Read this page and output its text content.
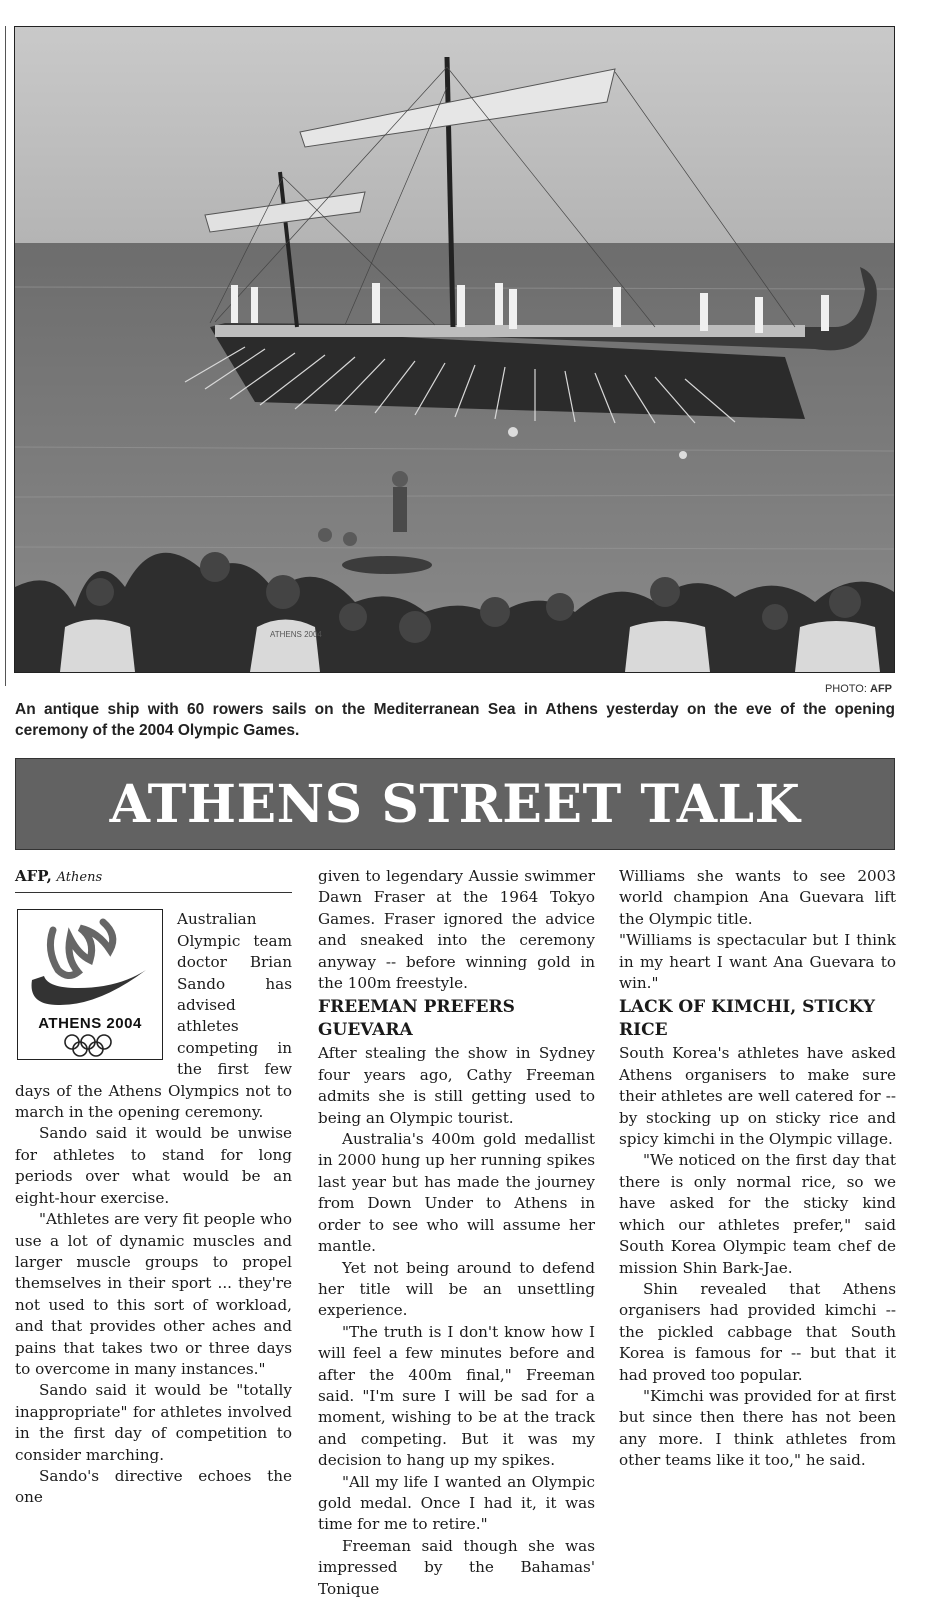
ATHENS 2004
PHOTO: AFP
An antique ship with 60 rowers sails on the Mediterranean Sea in Athens yesterday on the eve of the opening ceremony of the 2004 Olympic Games.
ATHENS STREET TALK
AFP, Athens
ATHENS 2004

Australian Olympic team doctor Brian Sando has advised athletes competing in the first few days of the Athens Olympics not to march in the opening ceremony.

Sando said it would be unwise for athletes to stand for long periods over what would be an eight-hour exercise.

"Athletes are very fit people who use a lot of dynamic muscles and larger muscle groups to propel themselves in their sport ... they're not used to this sort of workload, and that provides other aches and pains that takes two or three days to overcome in many instances."

Sando said it would be "totally inappropriate" for athletes involved in the first day of competition to consider marching.

Sando's directive echoes the one

given to legendary Aussie swimmer Dawn Fraser at the 1964 Tokyo Games. Fraser ignored the advice and sneaked into the ceremony anyway -- before winning gold in the 100m freestyle.

FREEMAN PREFERS GUEVARA

After stealing the show in Sydney four years ago, Cathy Freeman admits she is still getting used to being an Olympic tourist.

Australia's 400m gold medallist in 2000 hung up her running spikes last year but has made the journey from Down Under to Athens in order to see who will assume her mantle.

Yet not being around to defend her title will be an unsettling experience.

"The truth is I don't know how I will feel a few minutes before and after the 400m final," Freeman said. "I'm sure I will be sad for a moment, wishing to be at the track and competing. But it was my decision to hang up my spikes.

"All my life I wanted an Olympic gold medal. Once I had it, it was time for me to retire."

Freeman said though she was impressed by the Bahamas' Tonique

Williams she wants to see 2003 world champion Ana Guevara lift the Olympic title.

"Williams is spectacular but I think in my heart I want Ana Guevara to win."

LACK OF KIMCHI, STICKY RICE

South Korea's athletes have asked Athens organisers to make sure their athletes are well catered for -- by stocking up on sticky rice and spicy kimchi in the Olympic village.

"We noticed on the first day that there is only normal rice, so we have asked for the sticky kind which our athletes prefer," said South Korea Olympic team chef de mission Shin Bark-Jae.

Shin revealed that Athens organisers had provided kimchi -- the pickled cabbage that South Korea is famous for -- but that it had proved too popular.

"Kimchi was provided for at first but since then there has not been any more. I think athletes from other teams like it too," he said.
